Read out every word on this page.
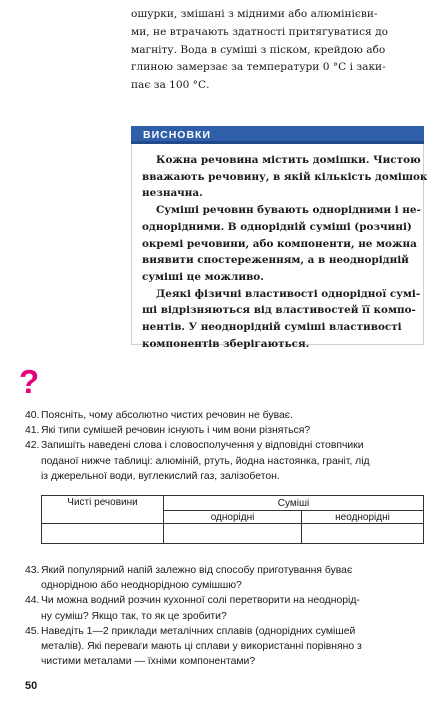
ошурки, змішані з мідними або алюмінієви-
ми, не втрачають здатності притягуватися до
магніту. Вода в суміші з піском, крейдою або
глиною замерзає за температури 0 °С і заки-
пає за 100 °С.
ВИСНОВКИ

Кожна речовина містить домішки. Чистою
вважають речовину, в якій кількість домішок
незначна.

Суміші речовин бувають однорідними і не-
однорідними. В однорідній суміші (розчині)
окремі речовини, або компоненти, не можна
виявити спостереженням, а в неоднорідній
суміші це можливо.

Деякі фізичні властивості однорідної сумі-
ші відрізняються від властивостей її компо-
нентів. У неоднорідній суміші властивості
компонентів зберігаються.

?
40. Поясніть, чому абсолютно чистих речовин не буває.
41. Які типи сумішей речовин існують і чим вони різняться?
42. Запишіть наведені слова і словосполучення у відповідні стовпчики
поданої нижче таблиці: алюміній, ртуть, йодна настоянка, граніт, лід
із джерельної води, вуглекислий газ, залізобетон.
Чисті речовини	Суміші	
	однорідні	неоднорідні

43. Який популярний напій залежно від способу приготування буває
однорідною або неоднорідною сумішшю?
44. Чи можна водний розчин кухонної солі перетворити на неоднорід-
ну суміш? Якщо так, то як це зробити?
45. Наведіть 1—2 приклади металічних сплавів (однорідних сумішей
металів). Які переваги мають ці сплави у використанні порівняно з
чистими металами — їхніми компонентами?
50
